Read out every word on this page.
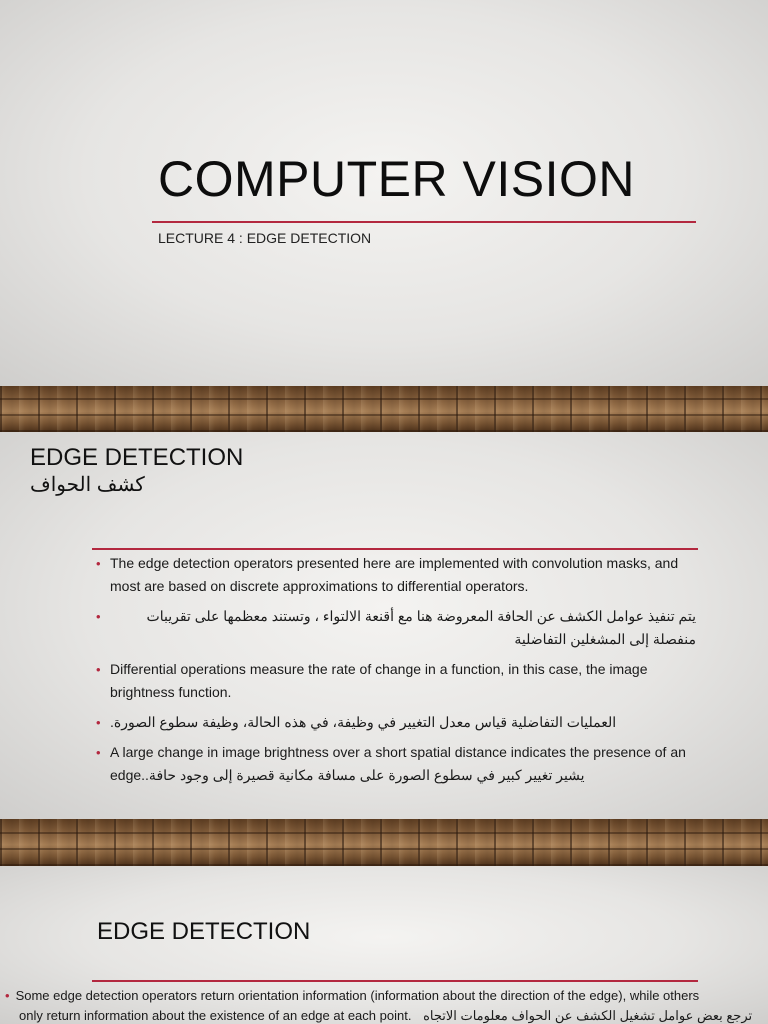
COMPUTER VISION
LECTURE 4 : EDGE DETECTION
EDGE DETECTION
كشف الحواف
• The edge detection operators presented here are implemented with convolution masks, and most are based on discrete approximations to differential operators.
•	يتم تنفيذ عوامل الكشف عن الحافة المعروضة هنا مع أقنعة الالتواء ، وتستند معظمها على تقريبات منفصلة إلى المشغلين التفاضلية
• Differential operations measure the rate of change in a function, in this case, the image brightness function.
• العمليات التفاضلية قياس معدل التغيير في وظيفة، في هذه الحالة، وظيفة سطوع الصورة.
• A large change in image brightness over a short spatial distance indicates the presence of an edge.يشير تغيير كبير في سطوع الصورة على مسافة مكانية قصيرة إلى وجود حافة.
EDGE DETECTION
• Some edge detection operators return orientation information (information about the direction of the edge), while others
only return information about the existence of an edge at each point. ترجع بعض عوامل تشغيل الكشف عن الحواف معلومات الاتجاه
